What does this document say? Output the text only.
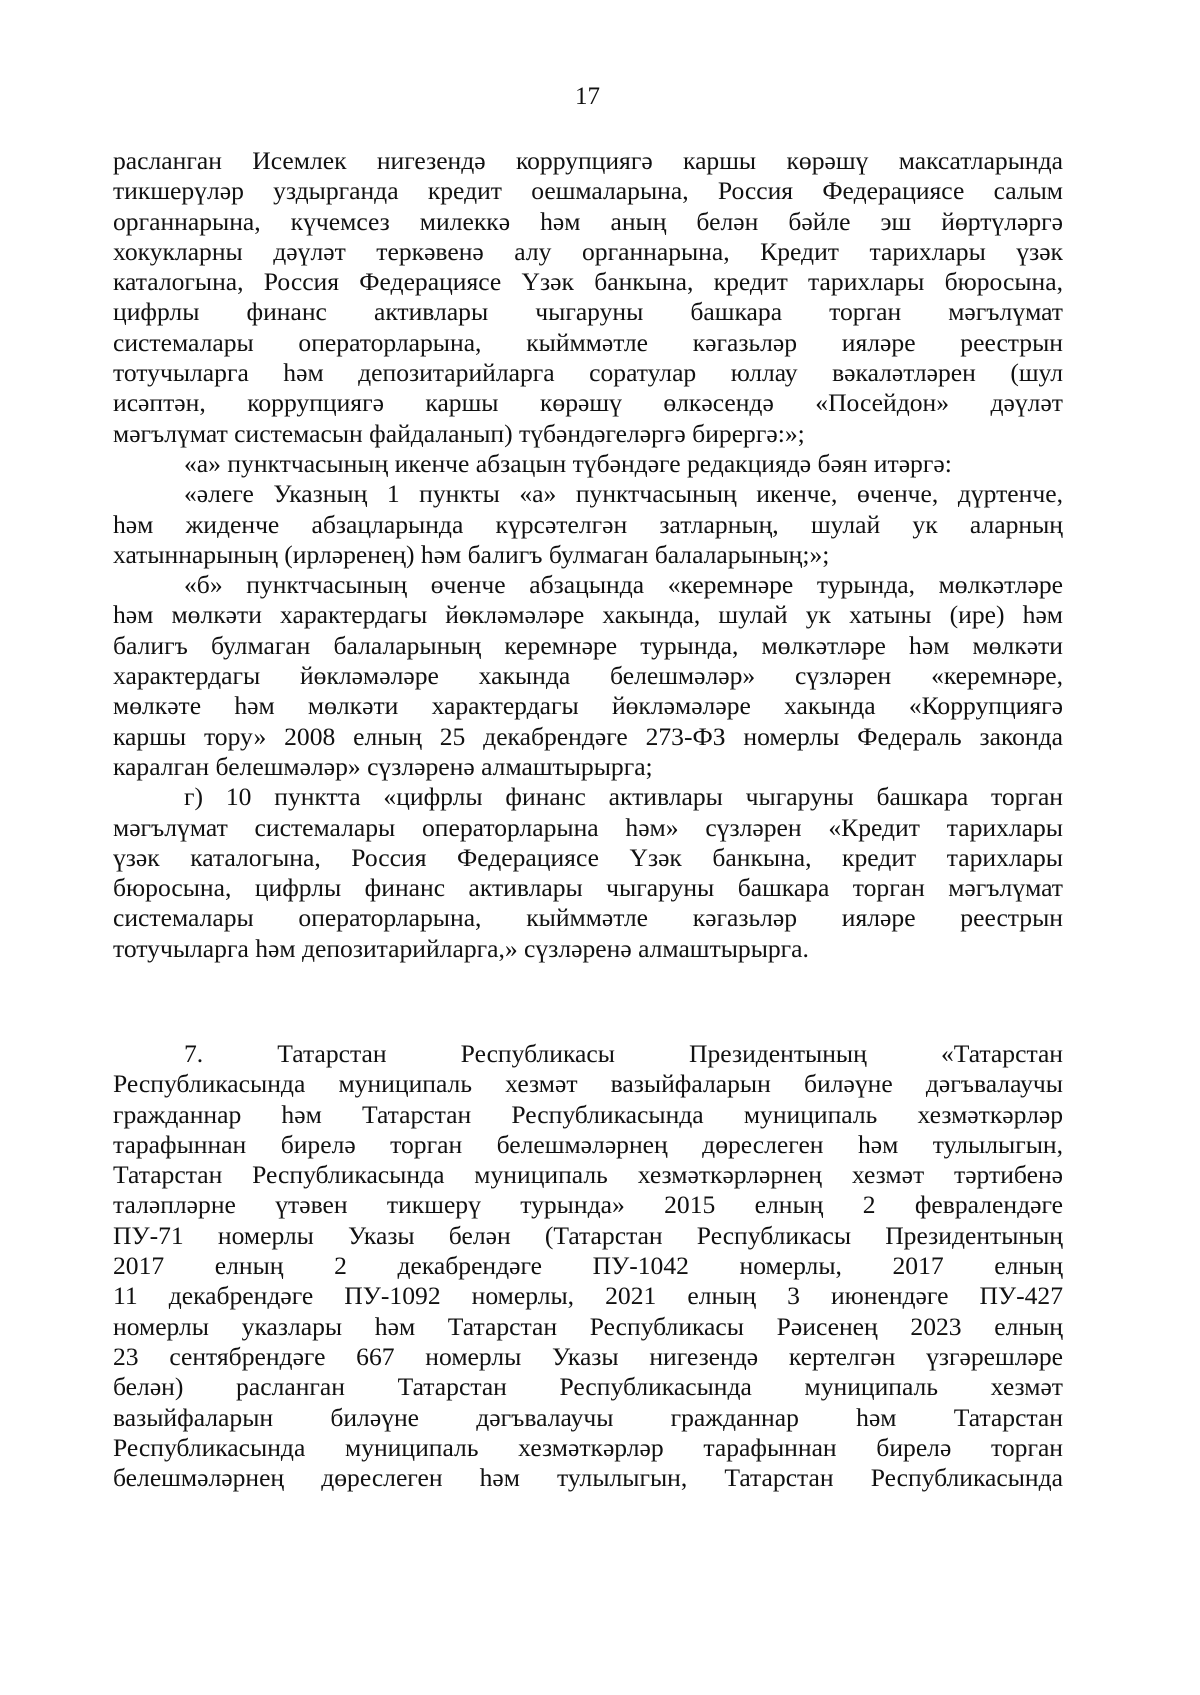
17
расланган Исемлек нигезендә коррупциягә каршы көрәшү максатларында
тикшерүләр уздырганда кредит оешмаларына, Россия Федерациясе салым
органнарына, күчемсез милеккә һәм аның белән бәйле эш йөртүләргә
хокукларны дәүләт теркәвенә алу органнарына, Кредит тарихлары үзәк
каталогына, Россия Федерациясе Үзәк банкына, кредит тарихлары бюросына,
цифрлы финанс активлары чыгаруны башкара торган мәгълүмат
системалары операторларына, кыйммәтле кәгазьләр ияләре реестрын
тотучыларга һәм депозитарийларга соратулар юллау вәкаләтләрен (шул
исәптән, коррупциягә каршы көрәшү өлкәсендә «Посейдон» дәүләт
мәгълүмат системасын файдаланып) түбәндәгеләргә бирергә:»;
«а» пунктчасының икенче абзацын түбәндәге редакциядә бәян итәргә:
«әлеге Указның 1 пункты «а» пунктчасының икенче, өченче, дүртенче,
һәм жиденче абзацларында күрсәтелгән затларның, шулай ук аларның
хатыннарының (ирләренең) һәм балигъ булмаган балаларының;»;
«б» пунктчасының өченче абзацында «керемнәре турында, мөлкәтләре
һәм мөлкәти характердагы йөкләмәләре хакында, шулай ук хатыны (ире) һәм
балигъ булмаган балаларының керемнәре турында, мөлкәтләре һәм мөлкәти
характердагы йөкләмәләре хакында белешмәләр» сүзләрен «керемнәре,
мөлкәте һәм мөлкәти характердагы йөкләмәләре хакында «Коррупциягә
каршы тору» 2008 елның 25 декабрендәге 273-ФЗ номерлы Федераль законда
каралган белешмәләр» сүзләренә алмаштырырга;
г) 10 пунктта «цифрлы финанс активлары чыгаруны башкара торган
мәгълүмат системалары операторларына һәм» сүзләрен «Кредит тарихлары
үзәк каталогына, Россия Федерациясе Үзәк банкына, кредит тарихлары
бюросына, цифрлы финанс активлары чыгаруны башкара торган мәгълүмат
системалары операторларына, кыйммәтле кәгазьләр ияләре реестрын
тотучыларга һәм депозитарийларга,» сүзләренә алмаштырырга.
7. Татарстан Республикасы Президентының «Татарстан
Республикасында муниципаль хезмәт вазыйфаларын биләүне дәгъвалаучы
гражданнар һәм Татарстан Республикасында муниципаль хезмәткәрләр
тарафыннан бирелә торган белешмәләрнең дөреслеген һәм тулылыгын,
Татарстан Республикасында муниципаль хезмәткәрләрнең хезмәт тәртибенә
таләпләрне үтәвен тикшерү турында» 2015 елның 2 февралендәге
ПУ-71 номерлы Указы белән (Татарстан Республикасы Президентының
2017 елның 2 декабрендәге ПУ-1042 номерлы, 2017 елның
11 декабрендәге ПУ-1092 номерлы, 2021 елның 3 июнендәге ПУ-427
номерлы указлары һәм Татарстан Республикасы Рәисенең 2023 елның
23 сентябрендәге 667 номерлы Указы нигезендә кертелгән үзгәрешләре
белән) расланган Татарстан Республикасында муниципаль хезмәт
вазыйфаларын биләүне дәгъвалаучы гражданнар һәм Татарстан
Республикасында муниципаль хезмәткәрләр тарафыннан бирелә торган
белешмәләрнең дөреслеген һәм тулылыгын, Татарстан Республикасында
